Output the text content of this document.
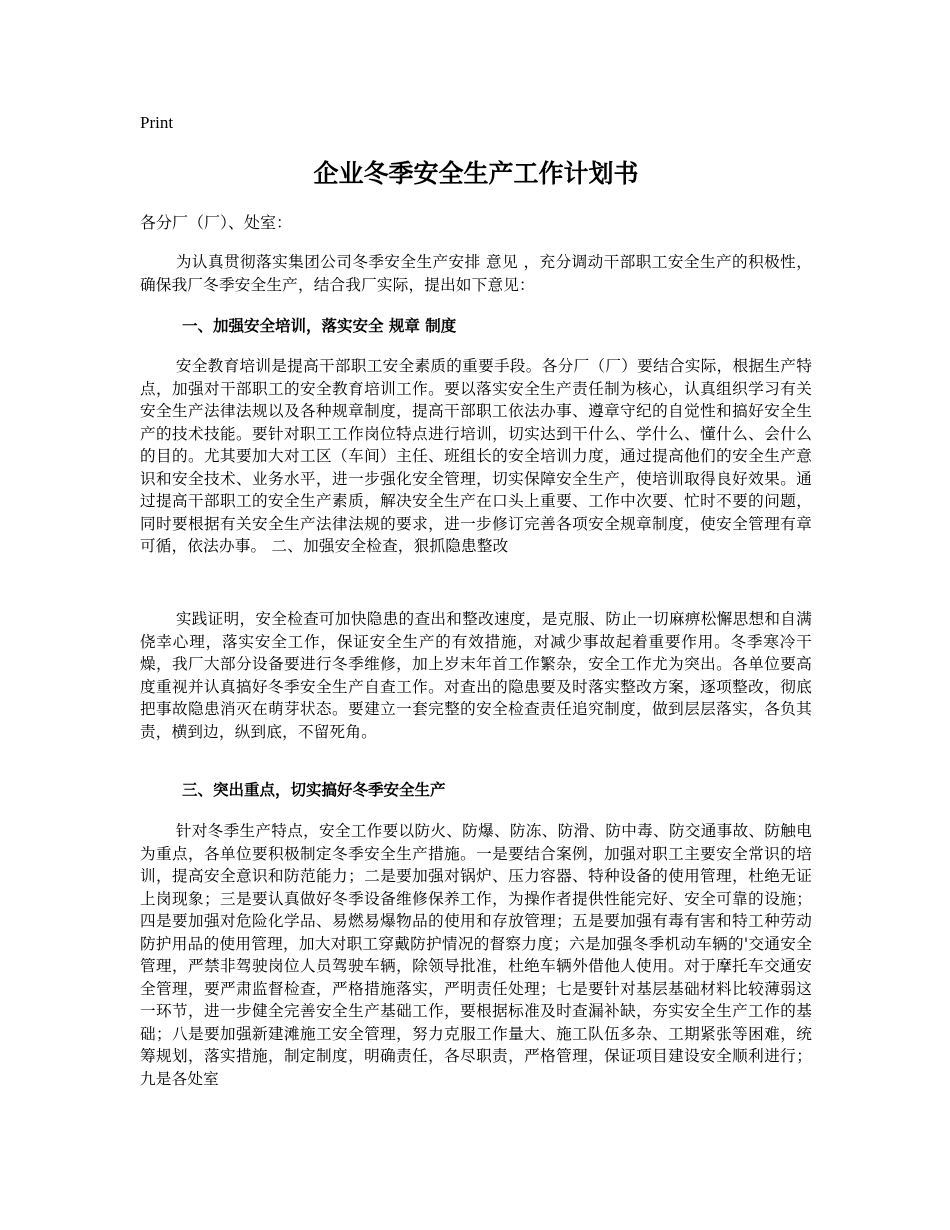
Print
企业冬季安全生产工作计划书
各分厂（厂）、处室：

为认真贯彻落实集团公司冬季安全生产安排 意见 ，充分调动干部职工安全生产的积极性，确保我厂冬季安全生产，结合我厂实际，提出如下意见：

一、加强安全培训，落实安全 规章 制度

安全教育培训是提高干部职工安全素质的重要手段。各分厂（厂）要结合实际，根据生产特点，加强对干部职工的安全教育培训工作。要以落实安全生产责任制为核心，认真组织学习有关安全生产法律法规以及各种规章制度，提高干部职工依法办事、遵章守纪的自觉性和搞好安全生产的技术技能。要针对职工工作岗位特点进行培训，切实达到干什么、学什么、懂什么、会什么的目的。尤其要加大对工区（车间）主任、班组长的安全培训力度，通过提高他们的安全生产意识和安全技术、业务水平，进一步强化安全管理，切实保障安全生产，使培训取得良好效果。通过提高干部职工的安全生产素质，解决安全生产在口头上重要、工作中次要、忙时不要的问题，同时要根据有关安全生产法律法规的要求，进一步修订完善各项安全规章制度，使安全管理有章可循，依法办事。 二、加强安全检查，狠抓隐患整改

实践证明，安全检查可加快隐患的查出和整改速度，是克服、防止一切麻痹松懈思想和自满侥幸心理，落实安全工作，保证安全生产的有效措施，对减少事故起着重要作用。冬季寒冷干燥，我厂大部分设备要进行冬季维修，加上岁末年首工作繁杂，安全工作尤为突出。各单位要高度重视并认真搞好冬季安全生产自查工作。对查出的隐患要及时落实整改方案，逐项整改，彻底把事故隐患消灭在萌芽状态。要建立一套完整的安全检查责任追究制度，做到层层落实，各负其责，横到边，纵到底，不留死角。

三、突出重点，切实搞好冬季安全生产

针对冬季生产特点，安全工作要以防火、防爆、防冻、防滑、防中毒、防交通事故、防触电为重点，各单位要积极制定冬季安全生产措施。一是要结合案例，加强对职工主要安全常识的培训，提高安全意识和防范能力；二是要加强对锅炉、压力容器、特种设备的使用管理，杜绝无证上岗现象；三是要认真做好冬季设备维修保养工作，为操作者提供性能完好、安全可靠的设施；四是要加强对危险化学品、易燃易爆物品的使用和存放管理；五是要加强有毒有害和特工种劳动防护用品的使用管理，加大对职工穿戴防护情况的督察力度；六是加强冬季机动车辆的'交通安全管理，严禁非驾驶岗位人员驾驶车辆，除领导批准，杜绝车辆外借他人使用。对于摩托车交通安全管理，要严肃监督检查，严格措施落实，严明责任处理；七是要针对基层基础材料比较薄弱这一环节，进一步健全完善安全生产基础工作，要根据标准及时查漏补缺，夯实安全生产工作的基础；八是要加强新建滩施工安全管理，努力克服工作量大、施工队伍多杂、工期紧张等困难，统筹规划，落实措施，制定制度，明确责任，各尽职责，严格管理，保证项目建设安全顺利进行；九是各处室
